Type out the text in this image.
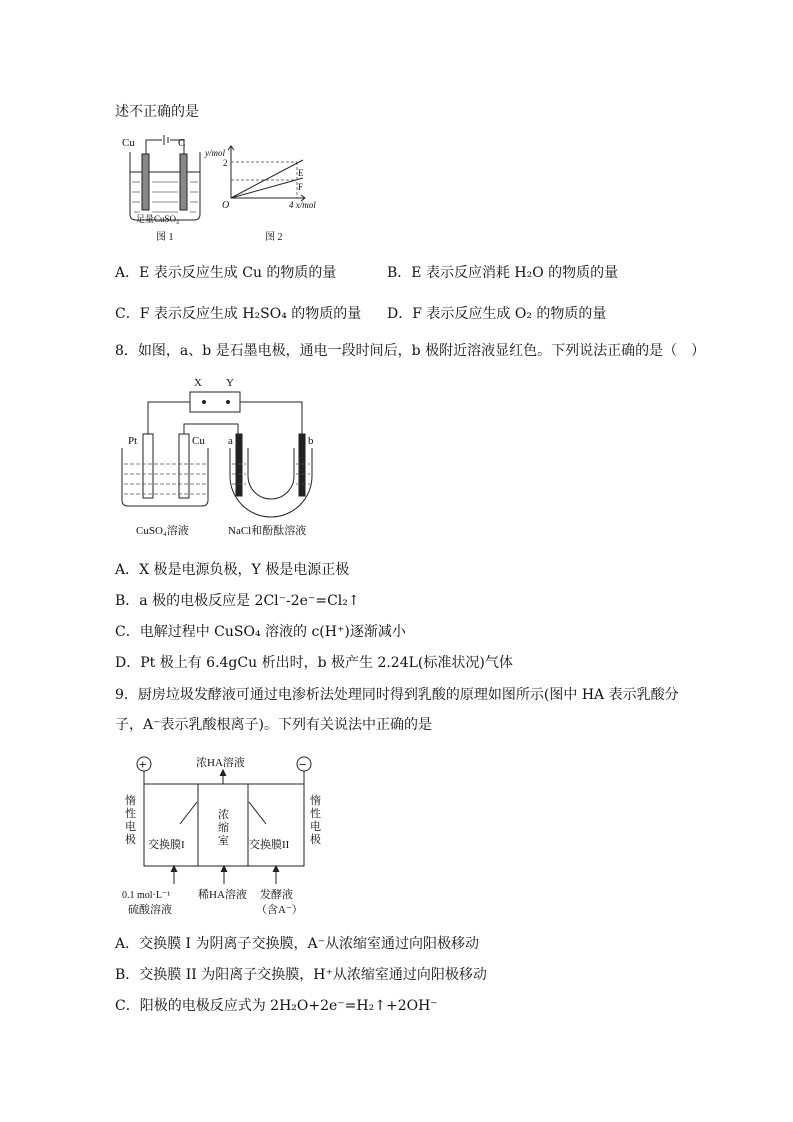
述不正确的是
Cu	C
足量CuSO₄
图 1
y/mol
2
O	4 x/mol
E
F
图 2
A．E 表示反应生成 Cu 的物质的量	B．E 表示反应消耗 H₂O 的物质的量
C．F 表示反应生成 H₂SO₄ 的物质的量 D．F 表示反应生成 O₂ 的物质的量
8．如图，a、b 是石墨电极，通电一段时间后，b 极附近溶液显红色。下列说法正确的是（　）
X Y
Pt	Cu a	b
CuSO₄溶液	NaCl和酚酞溶液
A．X 极是电源负极，Y 极是电源正极
B．a 极的电极反应是 2Cl⁻-2e⁻=Cl₂↑
C．电解过程中 CuSO₄ 溶液的 c(H⁺)逐渐减小
D．Pt 极上有 6.4gCu 析出时，b 极产生 2.24L(标准状况)气体
9．厨房垃圾发酵液可通过电渗析法处理同时得到乳酸的原理如图所示(图中 HA 表示乳酸分
子，A⁻表示乳酸根离子)。下列有关说法中正确的是
+	−
浓HA溶液
惰性电极
惰性电极
浓缩室
交换膜I	交换膜II
0.1 mol·L⁻¹
硫酸溶液
稀HA溶液 发酵液
（含A⁻）
A．交换膜 I 为阴离子交换膜，A⁻从浓缩室通过向阳极移动
B．交换膜 II 为阳离子交换膜，H⁺从浓缩室通过向阳极移动
C．阳极的电极反应式为 2H₂O+2e⁻=H₂↑+2OH⁻
